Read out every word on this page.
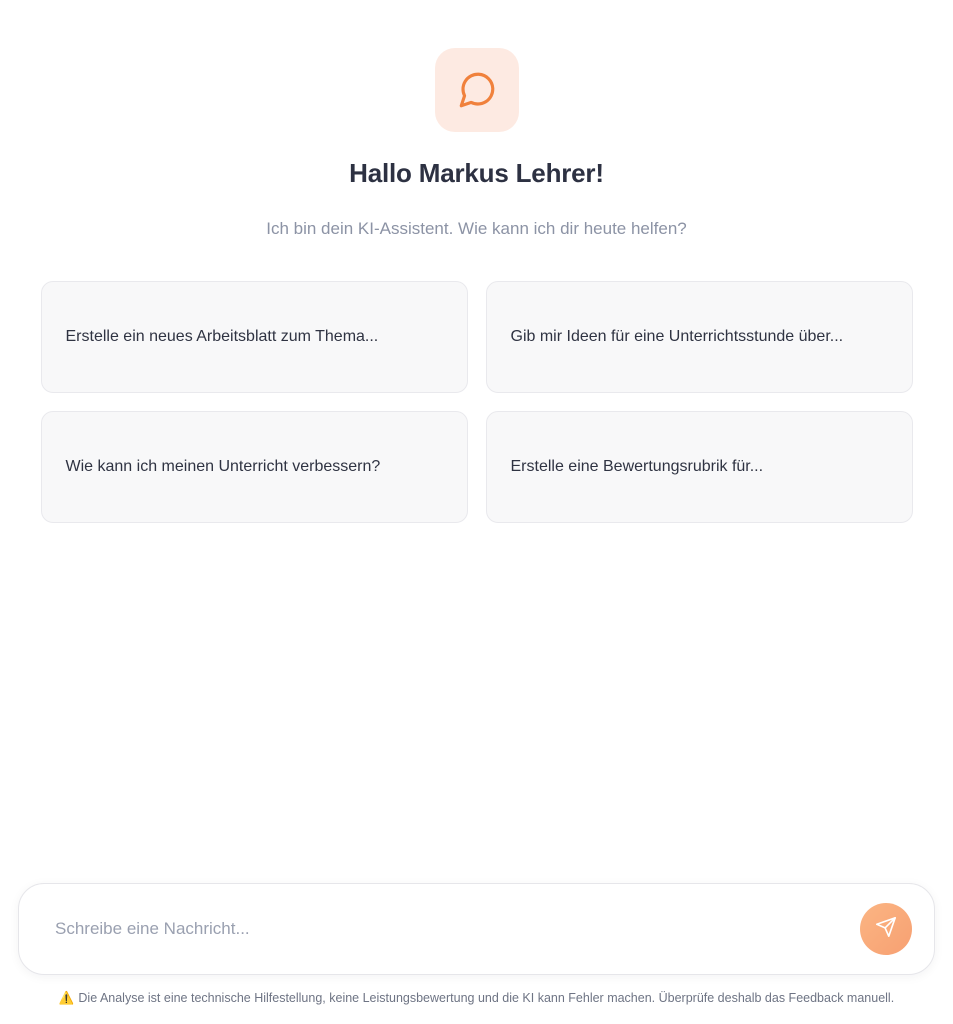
Hallo Markus Lehrer!

Ich bin dein KI-Assistent. Wie kann ich dir heute helfen?

Erstelle ein neues Arbeitsblatt zum Thema...	Gib mir Ideen für eine Unterrichtsstunde über...
Wie kann ich meinen Unterricht verbessern?	Erstelle eine Bewertungsrubrik für...
Schreibe eine Nachricht...
⚠️ Die Analyse ist eine technische Hilfestellung, keine Leistungsbewertung und die KI kann Fehler machen. Überprüfe deshalb das Feedback manuell.
